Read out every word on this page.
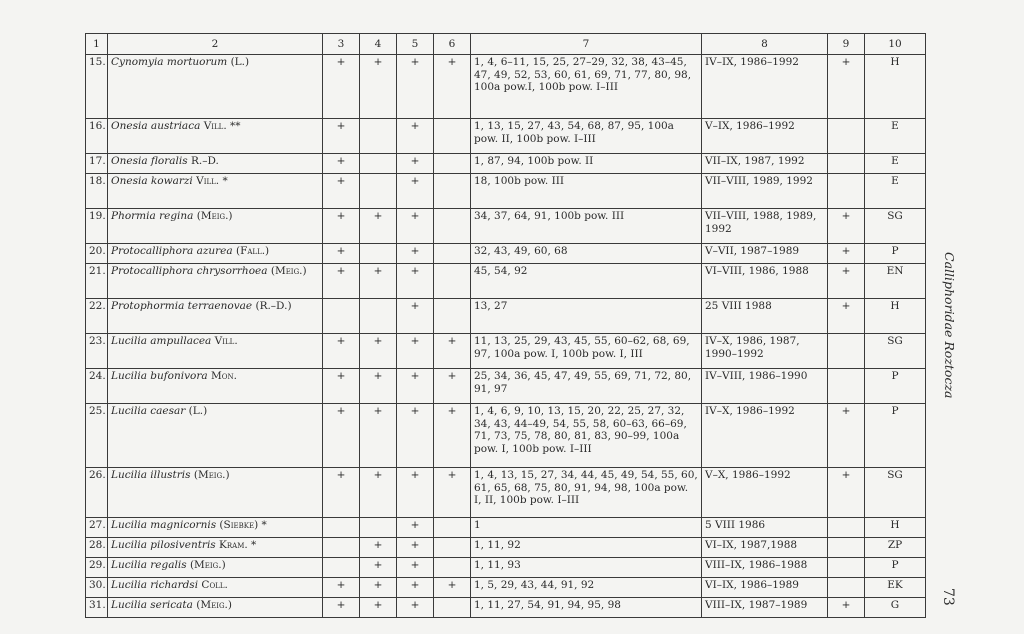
1	2	3	4	5	6	7	8	9	10
15.	Cynomyia mortuorum (L.)	+	+	+	+	1, 4, 6–11, 15, 25, 27–29, 32, 38, 43–45, 47, 49, 52, 53, 60, 61, 69, 71, 77, 80, 98, 100a pow.I, 100b pow. I–III	IV–IX, 1986–1992	+	H
16.	Onesia austriaca Vill. **	+		+		1, 13, 15, 27, 43, 54, 68, 87, 95, 100a pow. II, 100b pow. I–III	V–IX, 1986–1992		E
17.	Onesia floralis R.–D.	+		+		1, 87, 94, 100b pow. II	VII–IX, 1987, 1992		E
18.	Onesia kowarzi Vill. *	+		+		18, 100b pow. III	VII–VIII, 1989, 1992		E
19.	Phormia regina (Meig.)	+	+	+		34, 37, 64, 91, 100b pow. III	VII–VIII, 1988, 1989, 1992	+	SG
20.	Protocalliphora azurea (Fall.)	+		+		32, 43, 49, 60, 68	V–VII, 1987–1989	+	P
21.	Protocalliphora chrysorrhoea (Meig.)	+	+	+		45, 54, 92	VI–VIII, 1986, 1988	+	EN
22.	Protophormia terraenovae (R.–D.)			+		13, 27	25 VIII 1988	+	H
23.	Lucilia ampullacea Vill.	+	+	+	+	11, 13, 25, 29, 43, 45, 55, 60–62, 68, 69, 97, 100a pow. I, 100b pow. I, III	IV–X, 1986, 1987, 1990–1992		SG
24.	Lucilia bufonivora Mon.	+	+	+	+	25, 34, 36, 45, 47, 49, 55, 69, 71, 72, 80, 91, 97	IV–VIII, 1986–1990		P
25.	Lucilia caesar (L.)	+	+	+	+	1, 4, 6, 9, 10, 13, 15, 20, 22, 25, 27, 32, 34, 43, 44–49, 54, 55, 58, 60–63, 66–69, 71, 73, 75, 78, 80, 81, 83, 90–99, 100a pow. I, 100b pow. I–III	IV–X, 1986–1992	+	P
26.	Lucilia illustris (Meig.)	+	+	+	+	1, 4, 13, 15, 27, 34, 44, 45, 49, 54, 55, 60, 61, 65, 68, 75, 80, 91, 94, 98, 100a pow. I, II, 100b pow. I–III	V–X, 1986–1992	+	SG
27.	Lucilia magnicornis (Siebke) *			+		1	5 VIII 1986		H
28.	Lucilia pilosiventris Kram. *		+	+		1, 11, 92	VI–IX, 1987,1988		ZP
29.	Lucilia regalis (Meig.)		+	+		1, 11, 93	VIII–IX, 1986–1988		P
30.	Lucilia richardsi Coll.	+	+	+	+	1, 5, 29, 43, 44, 91, 92	VI–IX, 1986–1989		EK
31.	Lucilia sericata (Meig.)	+	+	+		1, 11, 27, 54, 91, 94, 95, 98	VIII–IX, 1987–1989	+	G
Calliphoridae Roztocza
73
